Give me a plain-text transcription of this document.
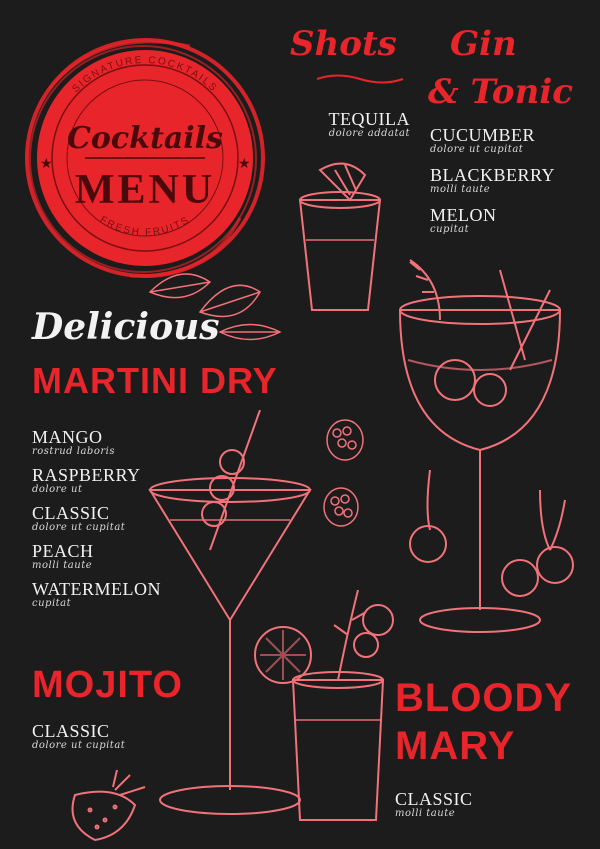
SIGNATURE COCKTAILS
FRESH FRUITS
Cocktails
MENU
★	★
Shots
TEQUILA
dolore addatat
Gin
& Tonic
CUCUMBER
dolore ut cupitat
BLACKBERRY
molli taute
MELON
cupitat
Delicious
MARTINI DRY
MANGO
rostrud laboris
RASPBERRY
dolore ut
CLASSIC
dolore ut cupitat
PEACH
molli taute
WATERMELON
cupitat
MOJITO
CLASSIC
dolore ut cupitat
BLOODY
MARY
CLASSIC
molli taute
